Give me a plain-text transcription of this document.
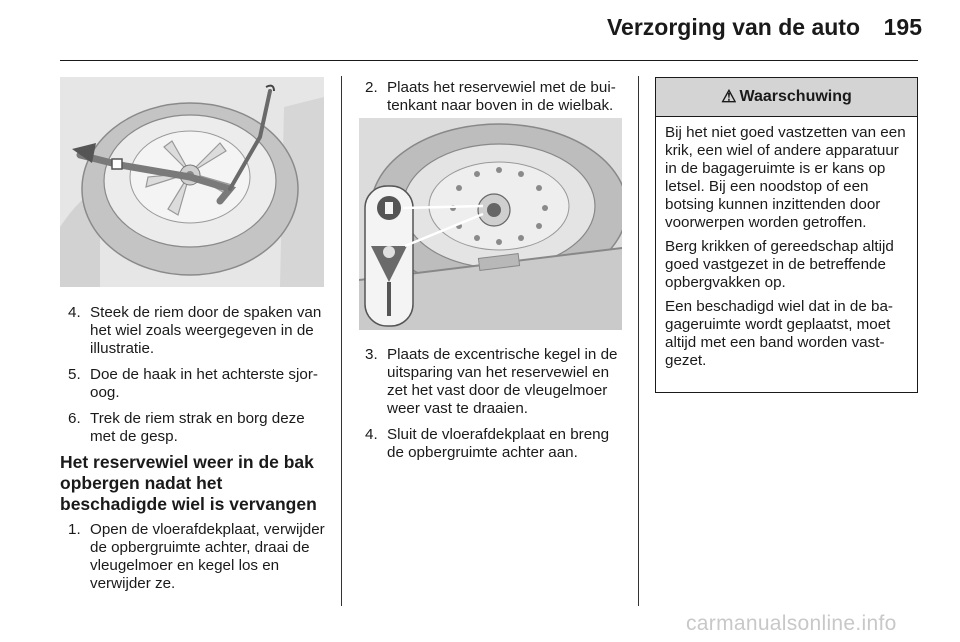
Verzorging van de auto	195
4. Steek de riem door de spaken van het wiel zoals weergegeven in de illustratie.
5. Doe de haak in het achterste sjoroog.
6. Trek de riem strak en borg deze met de gesp.
Het reservewiel weer in de bak opbergen nadat het beschadigde wiel is vervangen
1. Open de vloerafdekplaat, verwijder de opbergruimte achter, draai de vleugelmoer en kegel los en verwijder ze.
2. Plaats het reservewiel met de buitenkant naar boven in de wielbak.
3. Plaats de excentrische kegel in de uitsparing van het reservewiel en zet het vast door de vleugelmoer weer vast te draaien.
4. Sluit de vloerafdekplaat en breng de opbergruimte achter aan.
⚠ Waarschuwing

Bij het niet goed vastzetten van een krik, een wiel of andere apparatuur in de bagageruimte is er kans op letsel. Bij een noodstop of een botsing kunnen inzittenden door voorwerpen worden getroffen.

Berg krikken of gereedschap altijd goed vastgezet in de betreffende opbergvakken op.

Een beschadigd wiel dat in de bagageruimte wordt geplaatst, moet altijd met een band worden vastgezet.

carmanualsonline.info
